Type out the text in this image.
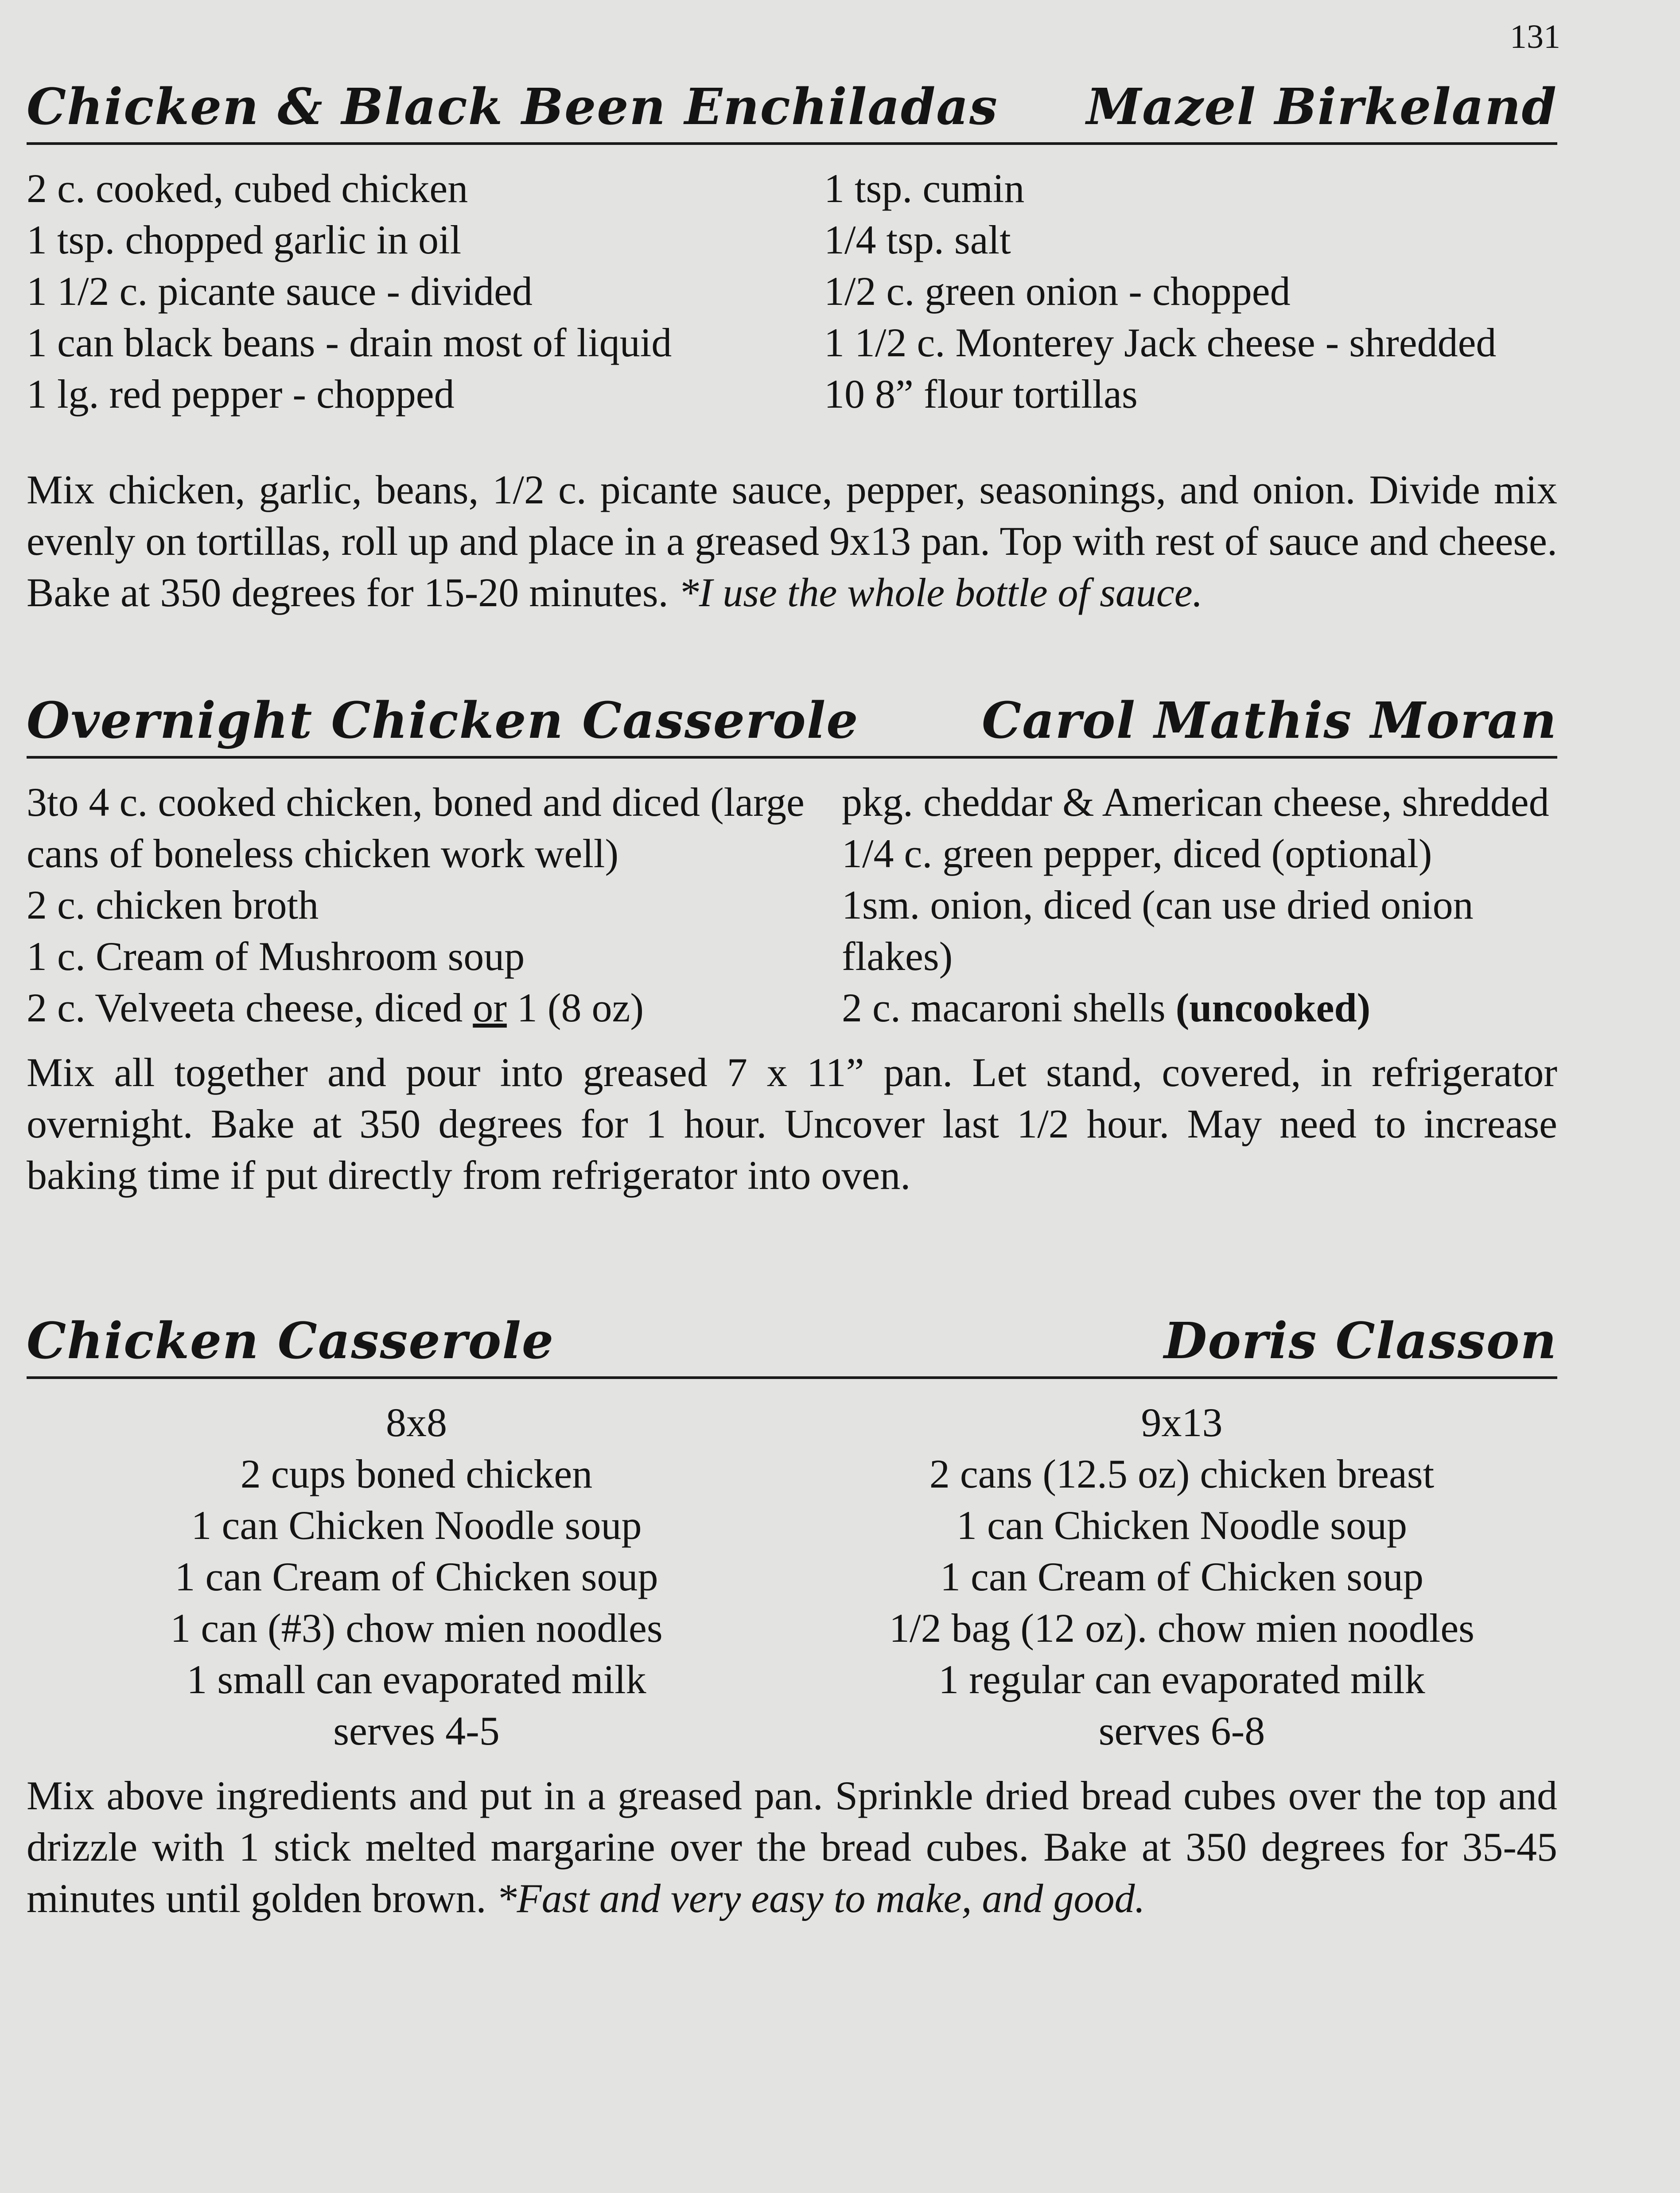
131
Chicken & Black Been Enchiladas Mazel Birkeland
2 c. cooked, cubed chicken
1 tsp. chopped garlic in oil
1 1/2 c. picante sauce - divided
1 can black beans - drain most of liquid
1 lg. red pepper - chopped
1 tsp. cumin
1/4 tsp. salt
1/2 c. green onion - chopped
1 1/2 c. Monterey Jack cheese - shredded
10 8” flour tortillas
Mix chicken, garlic, beans, 1/2 c. picante sauce, pepper, seasonings, and onion. Divide mix evenly on tortillas, roll up and place in a greased 9x13 pan. Top with rest of sauce and cheese. Bake at 350 degrees for 15-20 minutes. *I use the whole bottle of sauce.
Overnight Chicken Casserole Carol Mathis Moran
3to 4 c. cooked chicken, boned and diced (large cans of boneless chicken work well)
2 c. chicken broth
1 c. Cream of Mushroom soup
2 c. Velveeta cheese, diced or 1 (8 oz)
pkg. cheddar & American cheese, shredded
1/4 c. green pepper, diced (optional)
1sm. onion, diced (can use dried onion flakes)
2 c. macaroni shells (uncooked)
Mix all together and pour into greased 7 x 11” pan. Let stand, covered, in refrigerator overnight. Bake at 350 degrees for 1 hour. Uncover last 1/2 hour. May need to increase baking time if put directly from refrigerator into oven.
Chicken Casserole	Doris Classon
8x8
2 cups boned chicken
1 can Chicken Noodle soup
1 can Cream of Chicken soup
1 can (#3) chow mien noodles
1 small can evaporated milk
serves 4-5
9x13
2 cans (12.5 oz) chicken breast
1 can Chicken Noodle soup
1 can Cream of Chicken soup
1/2 bag (12 oz). chow mien noodles
1 regular can evaporated milk
serves 6-8
Mix above ingredients and put in a greased pan. Sprinkle dried bread cubes over the top and drizzle with 1 stick melted margarine over the bread cubes. Bake at 350 degrees for 35-45 minutes until golden brown. *Fast and very easy to make, and good.
